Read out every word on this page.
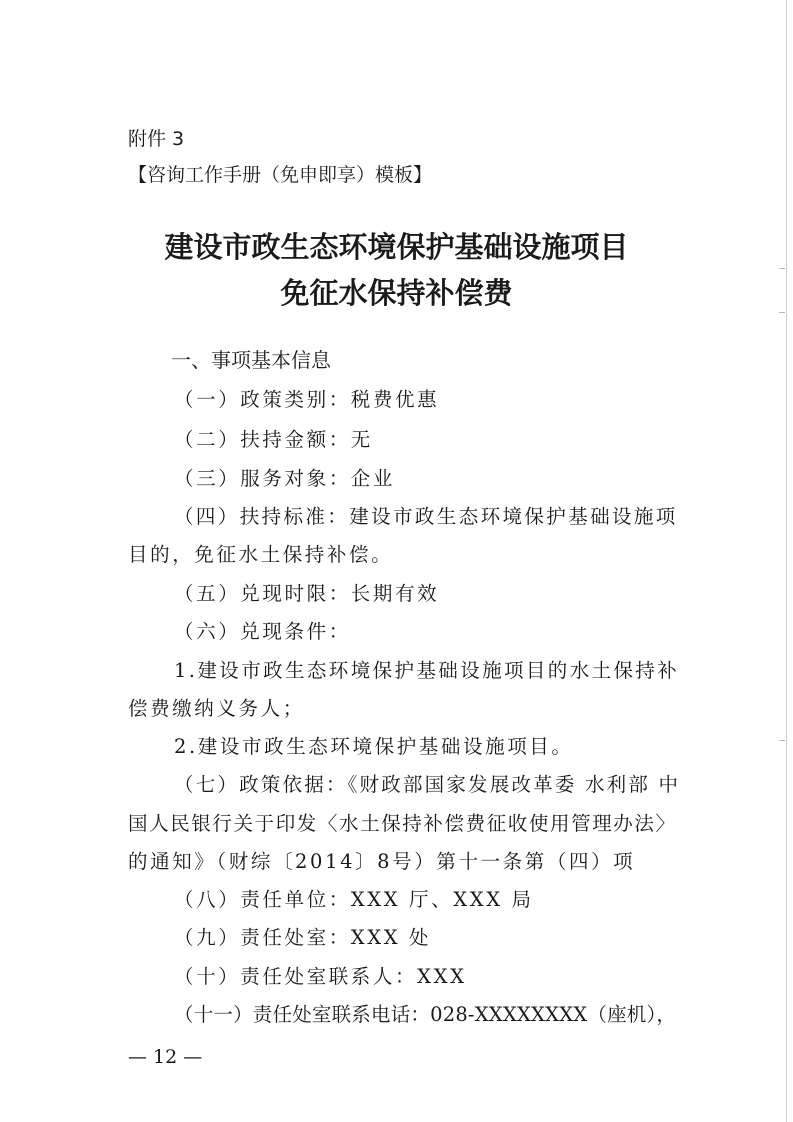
附件 3
【咨询工作手册（免申即享）模板】
建设市政生态环境保护基础设施项目
免征水保持补偿费
一、事项基本信息
（一）政策类别：税费优惠
（二）扶持金额：无
（三）服务对象：企业
（四）扶持标准：建设市政生态环境保护基础设施项
目的，免征水土保持补偿。
（五）兑现时限：长期有效
（六）兑现条件：
1.建设市政生态环境保护基础设施项目的水土保持补
偿费缴纳义务人；
2.建设市政生态环境保护基础设施项目。
（七）政策依据：《财政部国家发展改革委 水利部 中
国人民银行关于印发〈水土保持补偿费征收使用管理办法〉
的通知》（财综〔2014〕8号）第十一条第（四）项
（八）责任单位：XXX 厅、XXX 局
（九）责任处室：XXX 处
（十）责任处室联系人：XXX
（十一）责任处室联系电话：028-XXXXXXXX（座机），
— 12 —
